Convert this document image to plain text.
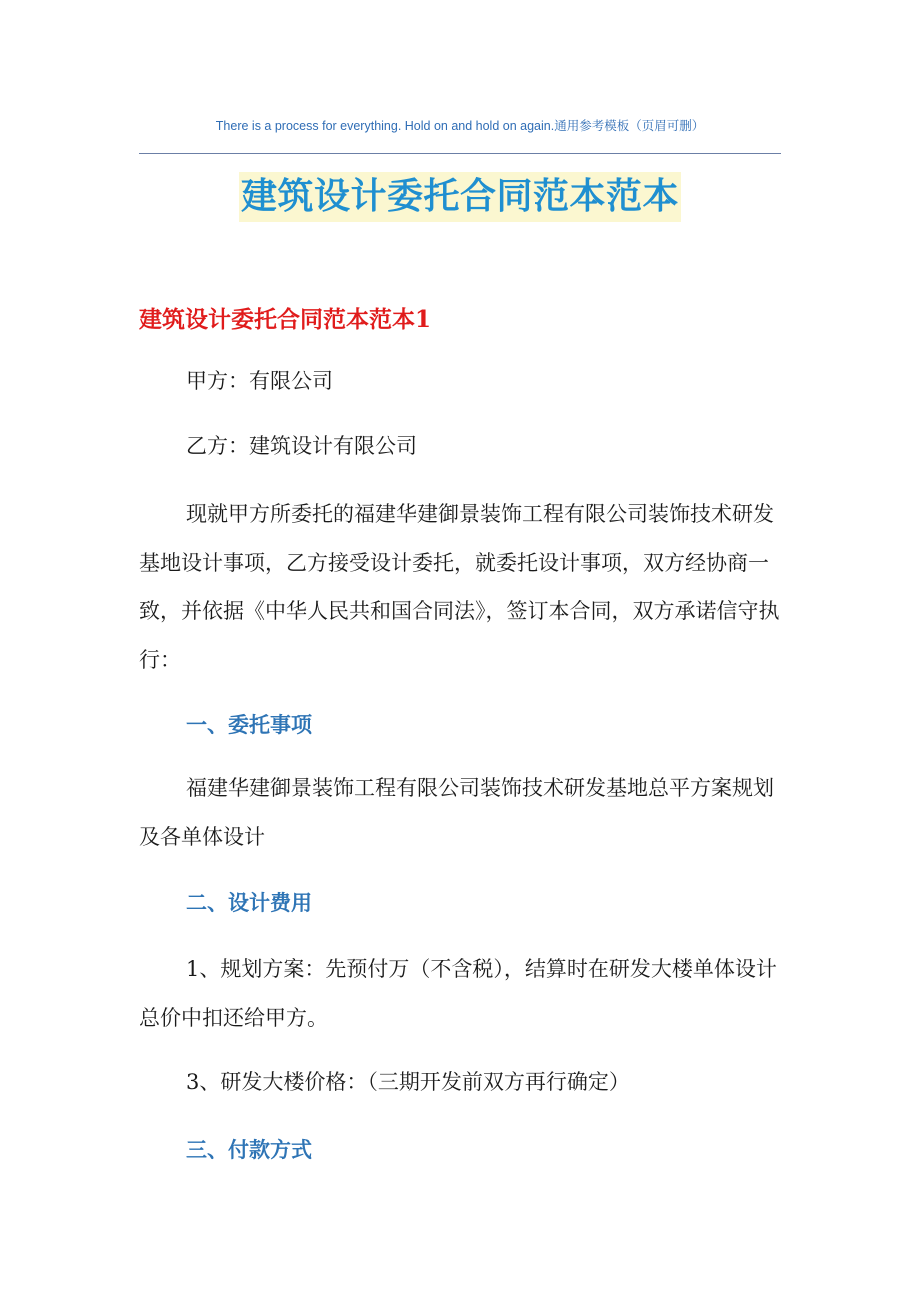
There is a process for everything. Hold on and hold on again.通用参考模板（页眉可删）
建筑设计委托合同范本范本
建筑设计委托合同范本范本1
甲方：有限公司
乙方：建筑设计有限公司
现就甲方所委托的福建华建御景装饰工程有限公司装饰技术研发基地设计事项，乙方接受设计委托，就委托设计事项，双方经协商一致，并依据《中华人民共和国合同法》，签订本合同，双方承诺信守执行：
一、委托事项
福建华建御景装饰工程有限公司装饰技术研发基地总平方案规划及各单体设计
二、设计费用
1、规划方案：先预付万（不含税），结算时在研发大楼单体设计总价中扣还给甲方。
3、研发大楼价格：（三期开发前双方再行确定）
三、付款方式
